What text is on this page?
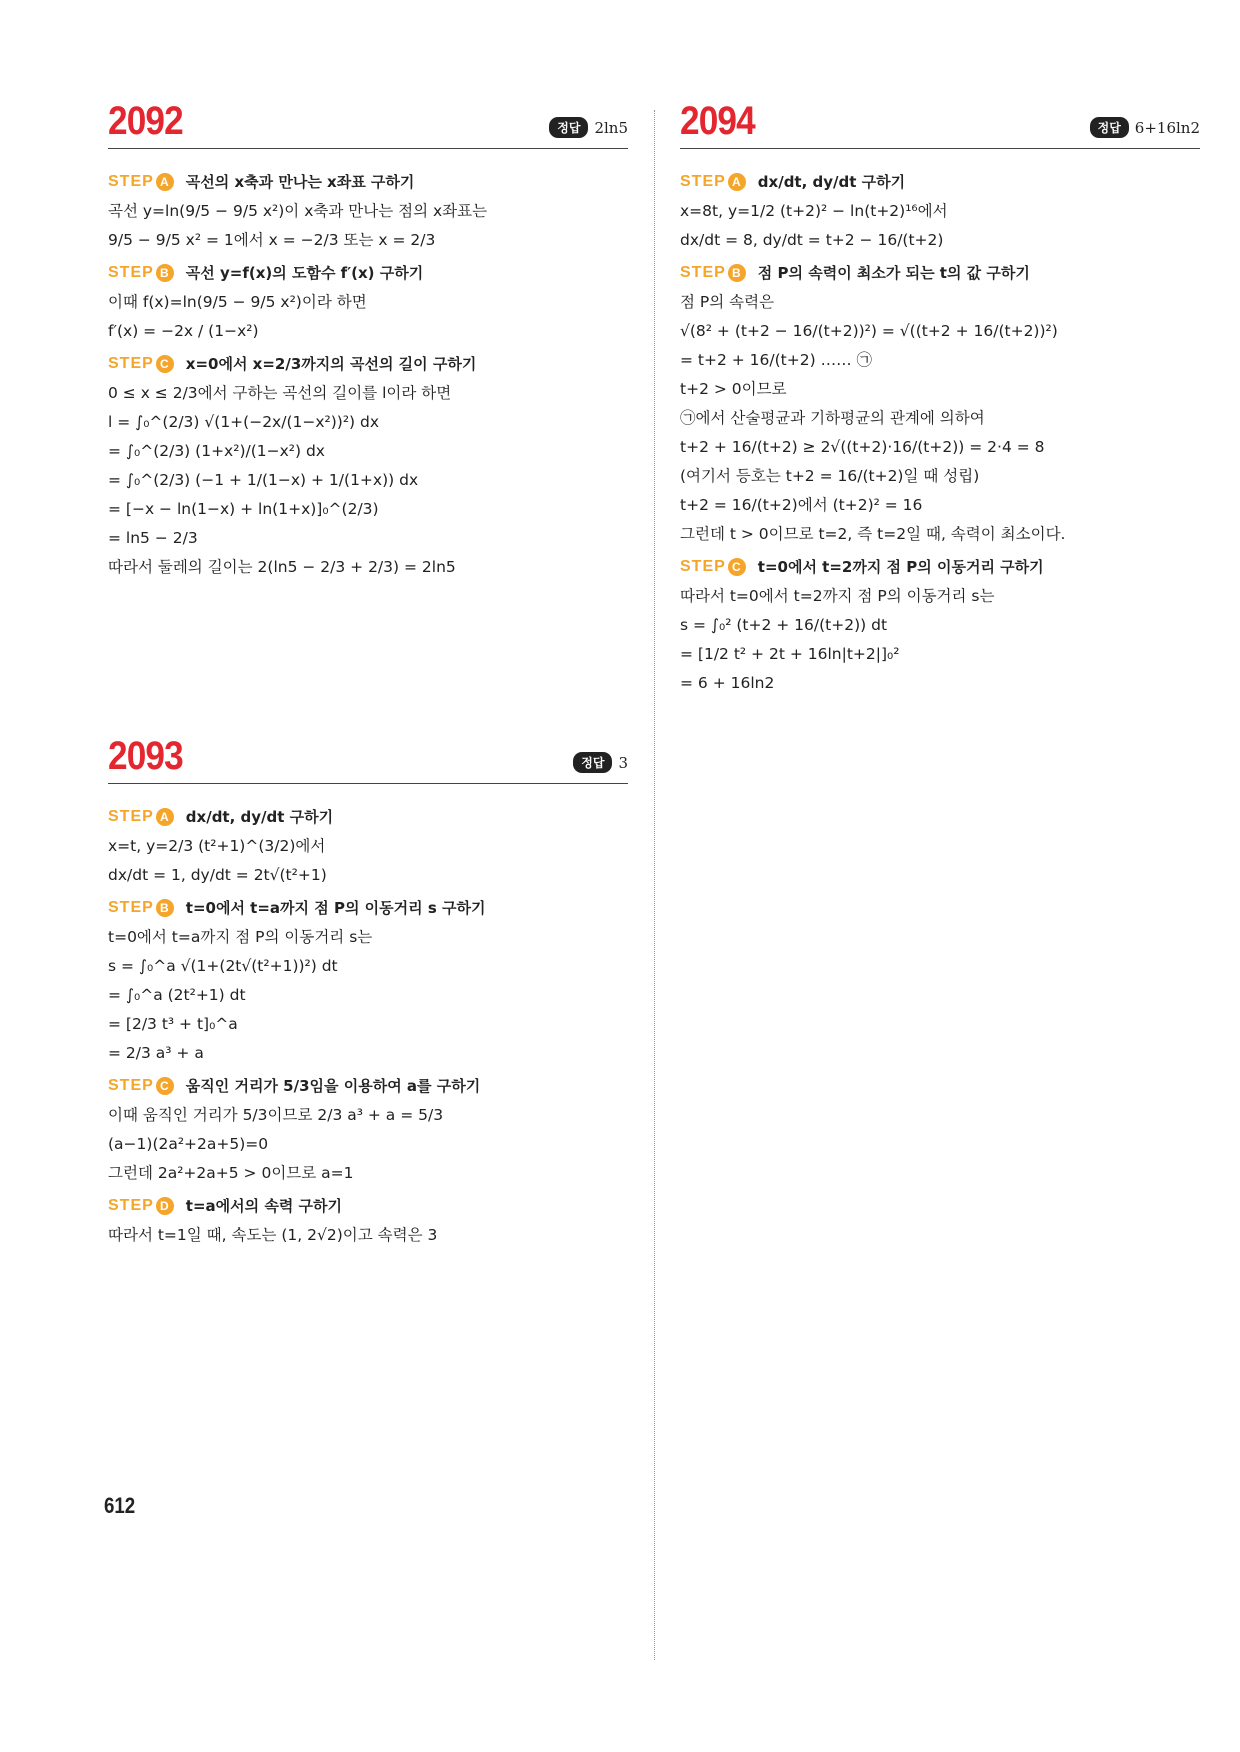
2092	정답 2ln5
STEP A 곡선의 x축과 만나는 x좌표 구하기
곡선 y=ln(9/5 − 9/5 x²)이 x축과 만나는 점의 x좌표는
9/5 − 9/5 x² = 1에서 x = −2/3 또는 x = 2/3
STEP B 곡선 y=f(x)의 도함수 f′(x) 구하기
이때 f(x)=ln(9/5 − 9/5 x²)이라 하면
f′(x) = −2x / (1−x²)
STEP C x=0에서 x=2/3까지의 곡선의 길이 구하기
0 ≤ x ≤ 2/3에서 구하는 곡선의 길이를 l이라 하면
l = ∫₀^(2/3) √(1+(−2x/(1−x²))²) dx
= ∫₀^(2/3) (1+x²)/(1−x²) dx
= ∫₀^(2/3) (−1 + 1/(1−x) + 1/(1+x)) dx
= [−x − ln(1−x) + ln(1+x)]₀^(2/3)
= ln5 − 2/3
따라서 둘레의 길이는 2(ln5 − 2/3 + 2/3) = 2ln5
2093	정답 3
STEP A dx/dt, dy/dt 구하기
x=t, y=2/3 (t²+1)^(3/2)에서
dx/dt = 1, dy/dt = 2t√(t²+1)
STEP B t=0에서 t=a까지 점 P의 이동거리 s 구하기
t=0에서 t=a까지 점 P의 이동거리 s는
s = ∫₀^a √(1+(2t√(t²+1))²) dt
= ∫₀^a (2t²+1) dt
= [2/3 t³ + t]₀^a
= 2/3 a³ + a
STEP C 움직인 거리가 5/3임을 이용하여 a를 구하기
이때 움직인 거리가 5/3이므로 2/3 a³ + a = 5/3
(a−1)(2a²+2a+5)=0
그런데 2a²+2a+5 > 0이므로 a=1
STEP D t=a에서의 속력 구하기
따라서 t=1일 때, 속도는 (1, 2√2)이고 속력은 3
2094	정답 6+16ln2
STEP A dx/dt, dy/dt 구하기
x=8t, y=1/2 (t+2)² − ln(t+2)¹⁶에서
dx/dt = 8, dy/dt = t+2 − 16/(t+2)
STEP B 점 P의 속력이 최소가 되는 t의 값 구하기
점 P의 속력은
√(8² + (t+2 − 16/(t+2))²) = √((t+2 + 16/(t+2))²)
= t+2 + 16/(t+2) …… ㉠
t+2 > 0이므로
㉠에서 산술평균과 기하평균의 관계에 의하여
t+2 + 16/(t+2) ≥ 2√((t+2)·16/(t+2)) = 2·4 = 8
(여기서 등호는 t+2 = 16/(t+2)일 때 성립)
t+2 = 16/(t+2)에서 (t+2)² = 16
그런데 t > 0이므로 t=2, 즉 t=2일 때, 속력이 최소이다.
STEP C t=0에서 t=2까지 점 P의 이동거리 구하기
따라서 t=0에서 t=2까지 점 P의 이동거리 s는
s = ∫₀² (t+2 + 16/(t+2)) dt
= [1/2 t² + 2t + 16ln|t+2|]₀²
= 6 + 16ln2
612
